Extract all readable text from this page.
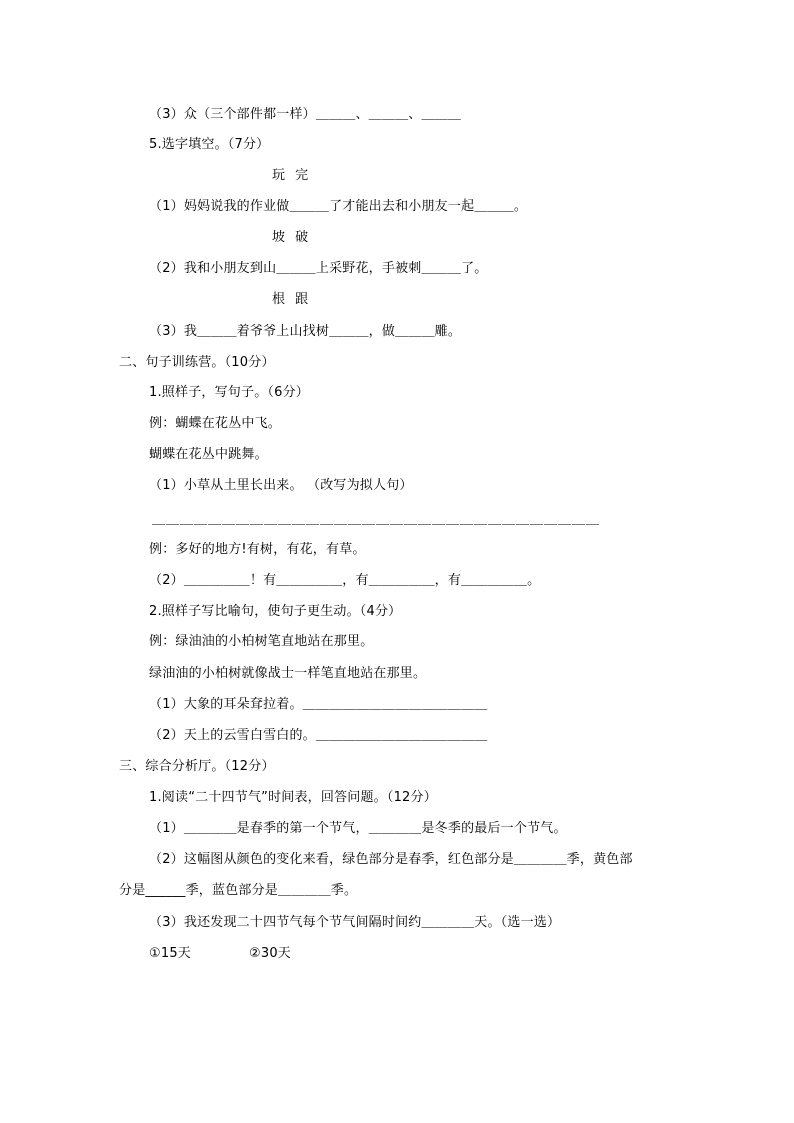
（3）众（三个部件都一样）＿＿＿、＿＿＿、＿＿＿
5.选字填空。（7分）
玩 完
（1）妈妈说我的作业做＿＿＿了才能出去和小朋友一起＿＿＿。
坡 破
（2）我和小朋友到山＿＿＿上采野花，手被刺＿＿＿了。
根 跟
（3）我＿＿＿着爷爷上山找树＿＿＿，做＿＿＿雕。
二、句子训练营。（10分）
1.照样子，写句子。（6分）
例：蝴蝶在花丛中飞。
蝴蝶在花丛中跳舞。
（1）小草从土里长出来。 （改写为拟人句）
＿＿＿＿＿＿＿＿＿＿＿＿＿＿＿＿＿＿＿＿＿＿＿＿＿＿＿＿＿＿＿＿
例：多好的地方!有树，有花，有草。
（2）＿＿＿＿＿！有＿＿＿＿＿，有＿＿＿＿＿，有＿＿＿＿＿。
2.照样子写比喻句，使句子更生动。（4分）
例：绿油油的小柏树笔直地站在那里。
绿油油的小柏树就像战士一样笔直地站在那里。
（1）大象的耳朵耷拉着。＿＿＿＿＿＿＿＿＿＿＿＿＿＿
（2）天上的云雪白雪白的。＿＿＿＿＿＿＿＿＿＿＿＿＿
三、综合分析厅。（12分）
1.阅读“二十四节气”时间表，回答问题。（12分）
（1）＿＿＿＿是春季的第一个节气，＿＿＿＿是冬季的最后一个节气。
（2）这幅图从颜色的变化来看，绿色部分是春季，红色部分是＿＿＿＿季，黄色部
分是______季，蓝色部分是＿＿＿＿季。
（3）我还发现二十四节气每个节气间隔时间约＿＿＿＿天。（选一选）
①15天	②30天
